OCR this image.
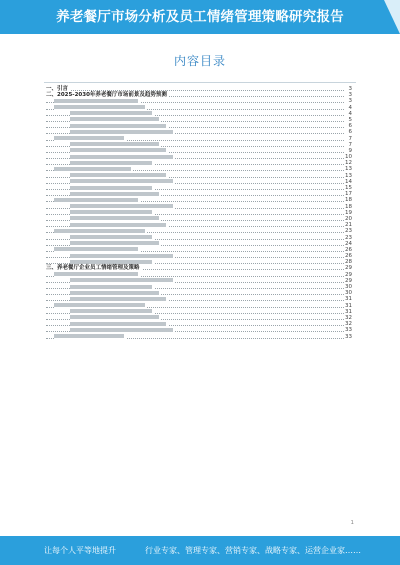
养老餐厅市场分析及员工情绪管理策略研究报告
内容目录
一、引言	3
二、2025-2030年养老餐厅市场前景及趋势预测	3
3
4
4
5
6
6
7
7
9
10
12
13
13
14
15
17
18
18
19
20
21
23
23
24
26
26
28
三、养老餐厅企业员工情绪管理及策略	29
29
29
30
30
31
31
31
32
32
33
33
1
让每个人平等地提升	行业专家、管理专家、营销专家、战略专家、运营企业家……
